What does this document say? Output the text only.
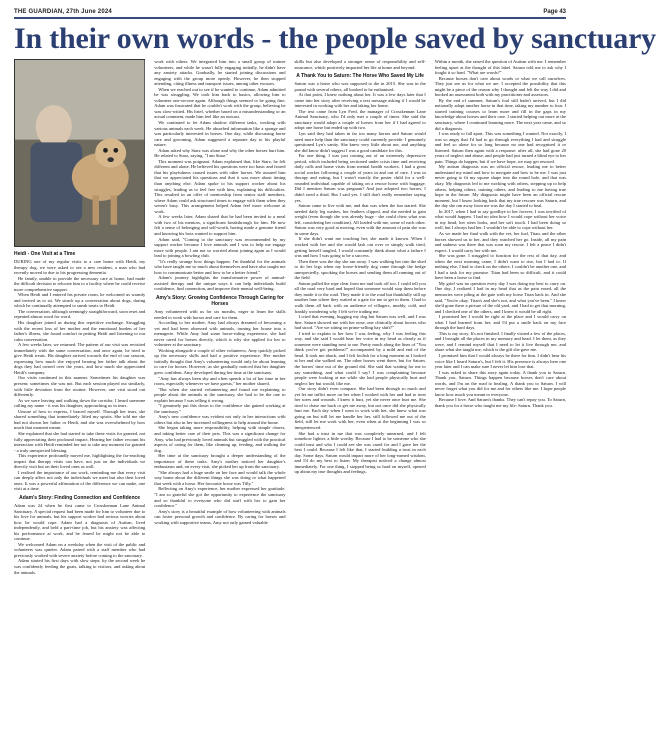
THE GUARDIAN, 27th June 2024	Page 43
In their own words - the people saved by sanctuary
Heidi - One Visit at a Time

DURING one of my regular visits to a care home with Heidi, my therapy dog, we were asked to see a new resident, a man who had recently moved in due to his progressing dementia.

He family, unable to provide the necessary care at home, had made the difficult decision to relocate him to a facility where he could receive more comprehensive support.

When Heidi and I entered his private room, he welcomed us warmly and invited us to sit. We struck up a conversation about dogs, during which he continually attempted to sneak treats to Heidi.

The conversation, although seemingly straightforward, soon reset and repeated almost word for word.

His daughter joined us during this repetitive exchange. Struggling with the recent loss of her mother and the emotional burden of her father's illness, she found comfort in petting Heidi and listening to our calm conversation.

A few weeks later, we returned. The pattern of our visit was revisited immediately with the same conversation, and once again, he tried to give Heidi treats. His daughter arrived towards the end of our session, expressing how much she enjoyed hearing her father talk about the dogs they had owned over the years, and how much she appreciated Heidi's company.

Our visits continued in this manner. Sometimes his daughter was present; sometimes she was not. But each session played out similarly, with little deviation from the routine. However, one visit stood out differently.

As we were leaving and walking down the corridor, I heard someone calling my name - it was his daughter, approaching us in tears.

Unsure of how to express, I braced myself. Through her tears, she shared something that immediately lifted my spirits. She told me she had not shown her father or Heidi, and she was overwhelmed by how much that moment meant.

She explained that she had started to take these visits for granted, not fully appreciating their profound impact. Hearing her father recount his interaction with Heidi reminded her not to take any moment for granted - a truly unexpected blessing.

This experience profoundly moved me, highlighting the far-reaching impact that therapy visits can have, not just on the individuals we directly visit but on their loved ones as well.

I realised the importance of our work, reminding me that every visit can deeply affect not only the individuals we meet but also their loved ones. It was a powerful affirmation of the difference we can make, one visit at a time.

Adam's Story: Finding Connection and Confidence

Adam was 24 when he first came to Crosskennan Lane Animal Sanctuary. A special request had been made for him to volunteer due to his love for animals, but his support worker had serious worries about how he would cope. Adam had a diagnosis of Autism, lived independently, and held a part-time job, but his anxiety was affecting his performance at work, and he feared he might not be able to continue.

We welcomed Adam on a weekday when the visit of the public and volunteers was quieter. Adam paired with a staff member who had previously worked with severe anxiety before coming to the sanctuary.

Adam started his first days with slow steps; by the second week he was confidently feeding the goats, talking to visitors, and asking about the animals.

work with others. We integrated him into a small group of trainee volunteers, and while he wasn't fully engaging initially, he didn't have any anxiety attacks. Gradually, he started joining discussions and engaging with the group more openly. However, he then stopped attending, citing illness and transport issues, among other excuses.

When we reached out to see if he wanted to continue, Adam admitted he was struggling. We took him back to basics, allowing him to volunteer one-on-one again. Although things seemed to be going fine, Adam was frustrated that he couldn't work with the group, believing he was slow-witted. His brief, whether based on a misunderstanding or an actual comment, made him feel like an outcast.

We continued to let Adam shadow different tasks, working with various animals each week. He absorbed information like a sponge and was particularly interested in horses. One day, while discussing horse care and grooming, Adam suggested a separate day to his playful nature.

Adam asked why Starz was alone and why the other horses hurt him. He related to Starz, saying, "I am Starz."

This moment was poignant. Adam explained that, like Starz, he felt different and alone. He believed his questions were too basic and feared that his playfulness caused issues with other horses. We assured him that we appreciated his questions and that it was more about timing than anything else. Adam spoke to his support worker about his struggles, leading us to feel free with him, explaining his difficulties. This resulted in an offer of mentorship from senior staff members, where Adam could ask structured times to engage with them when they weren't busy. This arrangement helped Adam feel more welcome at work.

A few weeks later, Adam shared that he had been invited to a meal with two of his mentors, a significant breakthrough for him. He now felt a sense of belonging and self-worth, having made a genuine friend and knowing his boss wanted to support him.

Adam said, "Coming to the sanctuary was recommended by my support worker because I love animals and I was to help me engage more with people. I am not so worried about joining again as I would lead to joining a bowling club.

"It's really strange how things happen. I'm thankful for the animals who have taught me so much about themselves and have also taught me how to communicate better and how to be a better friend."

Adam's journey highlights the transformative power of animal-assisted therapy and the unique ways it can help individuals build confidence, find connection, and improve their mental well-being.

Amy's Story: Growing Confidence Through Caring for Horses

Amy volunteered with us for six months, eager to learn the skills needed to work with horses and care for them.

According to her mother, Amy had always dreamed of becoming a vet and had been obsessed with animals, turning her house into a menagerie. While Amy had some horse-riding experience, she had never cared for horses directly, which is why she applied for her to volunteer at the sanctuary.

Working alongside a couple of other volunteers, Amy quickly picked up the necessary skills and had a positive experience. Her mother initially thought that Amy's volunteering would only be about learning to care for horses. However, as she gradually noticed that her daughter grew confident, Amy developed during her time at the sanctuary.

"Amy has always been shy and often spends a lot of her time in her room, especially whenever we have guests," her mother shared.

"But when she started volunteering and found me explaining to people about the animals at the sanctuary, she had to be the one to explain because I was telling it wrong.

"I genuinely put this down to the confidence she gained working at the sanctuary."

Amy's new confidence was evident not only in her interactions with others but also in her increased willingness to help around the home.

She began taking more responsibility, helping with simple chores, and taking better care of their pets. This was a significant change for Amy, who had previously loved animals but struggled with the practical aspects of caring for them, like cleaning up, feeding, and walking the dog.

Her time at the sanctuary brought a deeper understanding of the importance of these tasks. Amy's mother noticed her daughter's enthusiasm and, on every visit, she picked her up from the sanctuary.

"She always had a huge smile on her face and would talk the whole way home about the different things she was doing or what happened that week with a horse. Her favourite horse was Tilly."

Reflecting on Amy's experience, her mother expressed her gratitude. "I am so grateful she got the opportunity to experience the sanctuary and so thankful to everyone who did stuff with her to gain her confidence."

Amy's story is a beautiful example of how volunteering with animals can foster personal growth and confidence. By caring for horses and working with supportive teams, Amy not only gained valuable

skills but also developed a stronger sense of responsibility and self-assurance, which positively impacted her life at home and beyond.

A Thank You to Saturn: The Horse Who Saved My Life

Saturn was a horse who was supposed to die in 2015. She was in the pound with several others, all booked to be euthanised.

At that point, I knew nothing about her. It was a few days later that I came into her story after receiving a text message asking if I would be interested in working with her and taking her home.

The text came from Lyn Fred, the manager of Crosskennan Lane Animal Sanctuary, who I'd only met a couple of times. She said the sanctuary would adopt a couple of horses from her if I had agreed to adopt one horse but ended up with two.

Lyn said they had taken in far too many horses and Saturn would need more help than the sanctuary could currently provide. I genuinely questioned Lyn's sanity. She knew very little about me, and anything she did know didn't suggest I was a good candidate for this.

For one thing, I was just coming out of an extremely depressive period, which included being sectioned under crisis time and receiving daily calls and home visits from mental health workers. I had a great social worker following a couple of years in and out of care. I was in therapy and eating, but I wasn't exactly the poster child for a well-rounded individual capable of taking on a rescue horse with baggage. Did I mention Saturn was pregnant? And just adopted two horses, I didn't need a third. But I said yes. I still don't really remember saying yes.

Saturn came to live with me, and that was when the fun started. She needed daily leg washes, her feathers clipped, and she needed to gain weight (even though she was already huge - she could chew what was left, considering her condition). All loaded with me, some of each other. Saturn was very good at moving, even with the amount of pain she was in some days.

If she didn't want me touching her, she made it known. When I worked with her and she would lash out over or simply walk tired, getting herself tangled, I would constantly think about what a failure I was and how I was going to be a success.

Then there was the day she ran away. I was walking her into the shed to do her legs when my horse-friendly dog came through the hedge unexpectedly, spooking the horses and sending them all running out of the field.

Saturn pulled the rope clear from me and took off too. I could tell you all the road very hard and hoped that someone would stop them before they made it to the road. They made it to the road but thankfully still up another lane where they waited at a gate for me to get to them. I had to walk them all back with an audience of villagers, muddy, cold, and frankly wondering why I felt we're trading me.

I cried that evening, hugging my dog but Saturn was well, and I was fine. Saturn showed me with her nose, one clinically about horses who had stood. "Are we sitting on prime-selling hay shift?"

I tried to explain to her how I was feeling, why I was feeling this way, and she said I would hear her voice in my head as clearly as if someone were standing next to me. Pretty much along the lines of "You think you've got problems?" accompanied by a mild and end of the head. It took me aback, and I felt foolish for a long moment as I looked at her and she walked on. The other horses went there, but for Saturn, the horses' time out of the ground did. She said that waiting for me to say something, and what could I say? I was complaining because people were looking at me while she had people physically hurt and neglect her but would, like me.

Our story didn't even compare. She had been through so much and yet let me inflict more on her when I worked with her and had to treat her sores and wounds. I knew it hurt, yet she never once hurt me. She tried to chase me back or get me away, but not once did she physically hurt me. Each day when I went to work with her, she knew what was going on but still let me handle her her, still followed me out of the field, still let me work with her, even when at the beginning I was so inexperienced.

She had a trust in me that was completely unearned, and I felt somehow lighter, a little worthy. Because I had to be someone who she could trust and who I could see she was cared for and I gave her the best I could. Because I felt like that, I started building a trust in each day. Some days, Saturn would impart more of her long-earned wisdom, and I'd do my best to listen. My therapist noticed a change almost immediately. For one thing, I stopped being so hard on myself, opened up about my true thoughts and feelings.

Within a month, she raised the question of Autism with me. I remember feeling upset at the thought of this label. Saturn told me to ask why I fought it so hard. "What are words?"

Because horses don't care about words or what we call ourselves. They just see us for what we are. I accepted the possibility that this might be a piece of the reason why I thought and felt the way I did and booked an assessment both with my practitioner and assessors.

By the end of summer, Saturn's foal still hadn't arrived, but I did notionally adopt another horse in that time, taking my number to four. I started training courses to learn more and fill in the gaps in my knowledge about horses and their care. I started helping out more at the sanctuary, where I continued learning more. The next year came, and so did a diagnosis.

I was ready to fall apart. This was something I wanted. Not exactly, I was so angry that I'd had to go through everything I had and struggle and feel so alone for so long because no one had recognised it or listened. Saturn then again with a response: after all, she had gone 20 years of neglect and abuse, and people had just turned a blind eye to her pain. Things do happen, but if we have hope, we may get rescued.

My autism diagnosis was no official rescue, leading me to better understand my mind and how to navigate and how to be me. I was just never going to fit my square shape into the round hole, and that was okay. My diagnosis led to me working with others, stepping up to help others, helping others, training others, and leading to me having true hope in the future. My diagnosis might have been an official rescue moment, but I know looking back that my true rescuer was Saturn, and the day she ran away from me was the day I started to heal.

In 2017, when I had to say goodbye to her forever, I was terrified of what would happen. I had no idea how I would cope without her voice in my head, her stern looks, and her soft touch. I had been doing so well, but I always had her. I wouldn't be able to cope without her.

As we made her final walk with the vet, her foal, Titan, and the other horses showed us to her, and they watched her go. Inside, all my pain and sadness was there that was soon my rescue. I felt a peace I didn't expect. I would carry her with me.

She was gone. I struggled to function for the rest of that day, and when the next morning came, I didn't want to rise, but I had to. If nothing else, I had to check on the others. I couldn't be another one, and I had a task for my promise. Titan had been so difficult, and it could have been a horse to find.

My grief was no question every day I was doing my best to carry on. One day, I realized I had in my head that as the pain eased, all the memories were piling at the gate with my horse Titan back in. And she said, "You're okay. Titan's and she's not, and what you've been." I knew she'd gone there a picture of the old yard, and I had to get that morning, and I checked one of the others, and I knew it would be all right.

I promised her I would be right at the place and I would carry on what I had learned from her, and I'd put a smile back on my face through the hard days.

This is my story. It's not finished. I finally visited a few of the places, and I brought all the places in my memory and head. I let them, as they were, and I remind myself that I need to let it live through me, and share what she taught me, which is the gift she gave me.

I promised him that I would always be there for him. I didn't hear his voice like I heard Saturn's, but I felt it. His presence is always here one year later and I can make sure I never let him lose that.

I was asked to share this story again today. A thank you to Saturn. Thank you, Saturn. Things happen because horses don't care about words, and I'm on the road to healing. A thank you to Saturn. I will never forget what you did for me and for others like me. I hope people know how much you meant to everyone.

Because I love. And Saturn's thanks. They can't repay you. To Saturn, thank you for a horse who taught me my life: Saturn. Thank you.
